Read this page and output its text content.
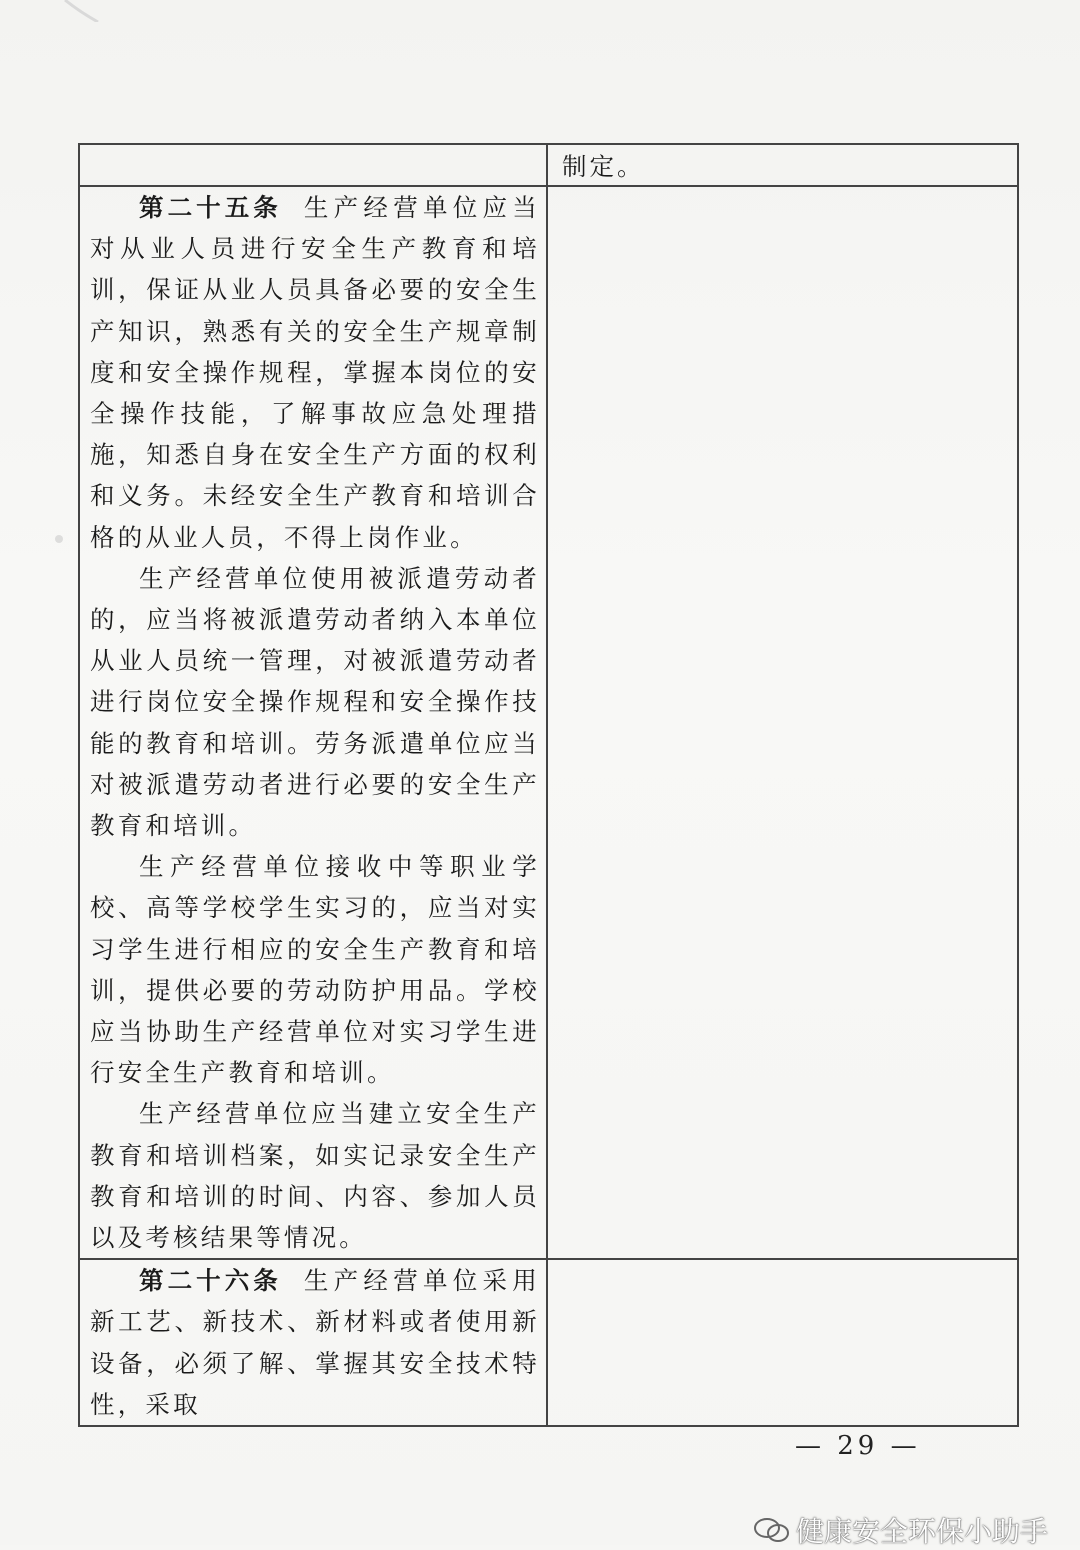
	制定。

第二十五条 生产经营单位应当对从业人员进行安全生产教育和培训，保证从业人员具备必要的安全生产知识，熟悉有关的安全生产规章制度和安全操作规程，掌握本岗位的安全操作技能，了解事故应急处理措施，知悉自身在安全生产方面的权利和义务。未经安全生产教育和培训合格的从业人员，不得上岗作业。

生产经营单位使用被派遣劳动者的，应当将被派遣劳动者纳入本单位从业人员统一管理，对被派遣劳动者进行岗位安全操作规程和安全操作技能的教育和培训。劳务派遣单位应当对被派遣劳动者进行必要的安全生产教育和培训。

生产经营单位接收中等职业学校、高等学校学生实习的，应当对实习学生进行相应的安全生产教育和培训，提供必要的劳动防护用品。学校应当协助生产经营单位对实习学生进行安全生产教育和培训。

生产经营单位应当建立安全生产教育和培训档案，如实记录安全生产教育和培训的时间、内容、参加人员以及考核结果等情况。	

第二十六条 生产经营单位采用新工艺、新技术、新材料或者使用新设备，必须了解、掌握其安全技术特性，采取	

— 29 —
健康安全环保小助手
